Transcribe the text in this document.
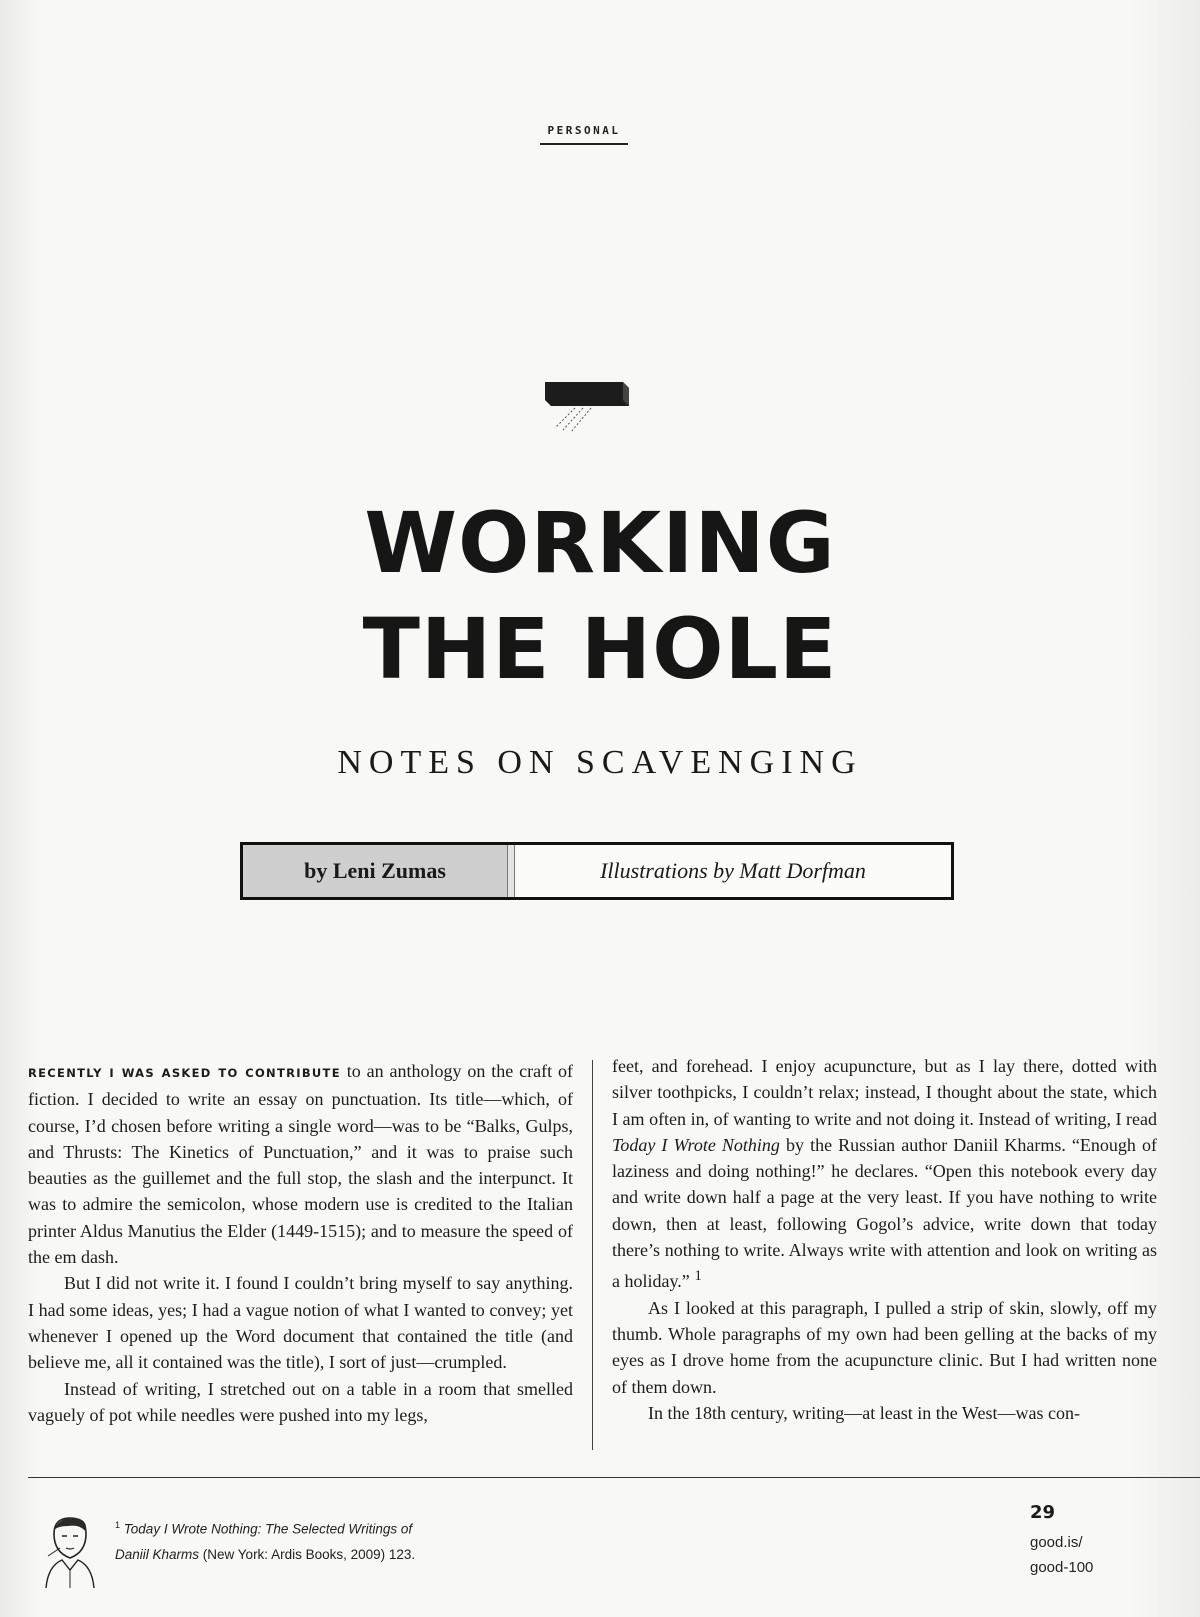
PERSONAL
WORKING
THE HOLE
NOTES ON SCAVENGING
by Leni Zumas	Illustrations by Matt Dorfman

RECENTLY I WAS ASKED TO CONTRIBUTE to an anthology on the craft of fiction. I decided to write an essay on punctuation. Its title—which, of course, I’d chosen before writing a single word—was to be “Balks, Gulps, and Thrusts: The Kinetics of Punctuation,” and it was to praise such beauties as the guillemet and the full stop, the slash and the interpunct. It was to admire the semicolon, whose modern use is credited to the Italian printer Aldus Manutius the Elder (1449-1515); and to measure the speed of the em dash.

But I did not write it. I found I couldn’t bring myself to say anything. I had some ideas, yes; I had a vague notion of what I wanted to convey; yet whenever I opened up the Word document that contained the title (and believe me, all it contained was the title), I sort of just—crumpled.

Instead of writing, I stretched out on a table in a room that smelled vaguely of pot while needles were pushed into my legs,

feet, and forehead. I enjoy acupuncture, but as I lay there, dotted with silver toothpicks, I couldn’t relax; instead, I thought about the state, which I am often in, of wanting to write and not doing it. Instead of writing, I read Today I Wrote Nothing by the Russian author Daniil Kharms. “Enough of laziness and doing nothing!” he declares. “Open this notebook every day and write down half a page at the very least. If you have nothing to write down, then at least, following Gogol’s advice, write down that today there’s nothing to write. Always write with attention and look on writing as a holiday.” $^1$

As I looked at this paragraph, I pulled a strip of skin, slowly, off my thumb. Whole paragraphs of my own had been gelling at the backs of my eyes as I drove home from the acupuncture clinic. But I had written none of them down.

In the 18th century, writing—at least in the West—was con-

$^1$ Today I Wrote Nothing: The Selected Writings of Daniil Kharms (New York: Ardis Books, 2009) 123.
29
good.is/
good-100
